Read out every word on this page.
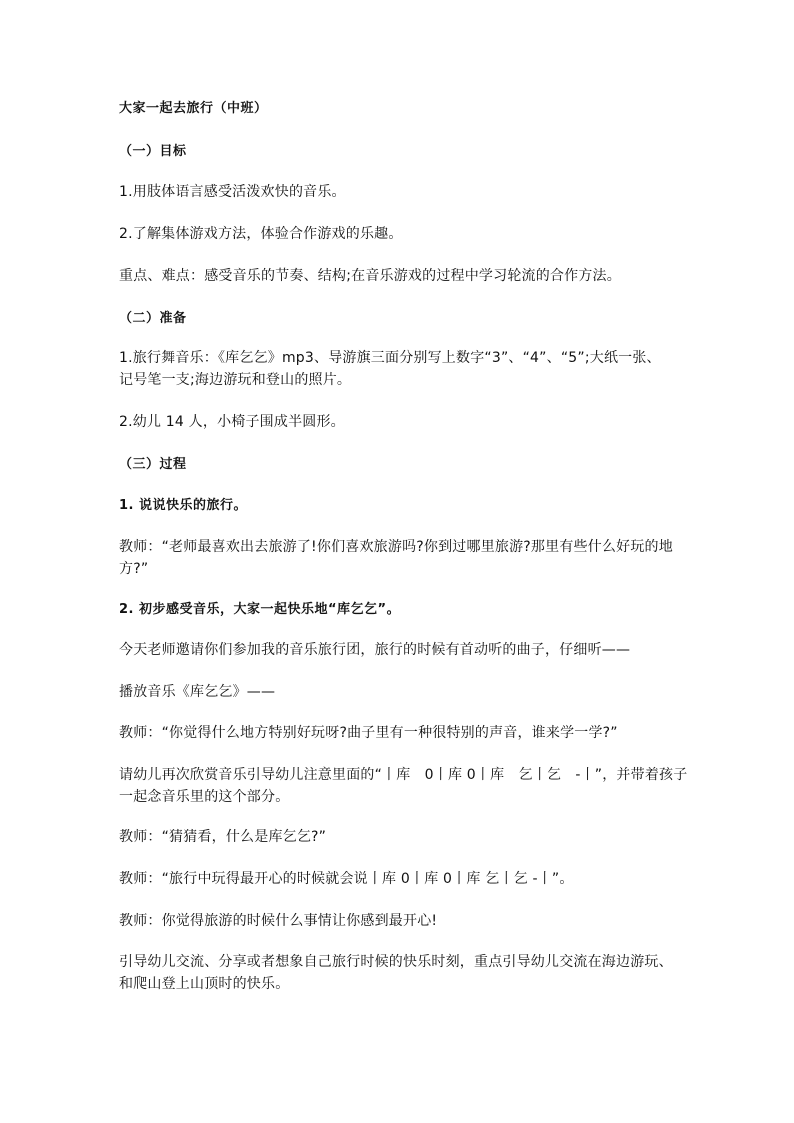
大家一起去旅行（中班）

（一）目标

1.用肢体语言感受活泼欢快的音乐。

2.了解集体游戏方法，体验合作游戏的乐趣。

重点、难点：感受音乐的节奏、结构;在音乐游戏的过程中学习轮流的合作方法。

（二）准备

1.旅行舞音乐：《库乞乞》mp3、导游旗三面分别写上数字“3”、“4”、“5”;大纸一张、

记号笔一支;海边游玩和登山的照片。

2.幼儿 14 人，小椅子围成半圆形。

（三）过程

1. 说说快乐的旅行。

教师：“老师最喜欢出去旅游了!你们喜欢旅游吗?你到过哪里旅游?那里有些什么好玩的地

方?”

2. 初步感受音乐，大家一起快乐地“库乞乞”。

今天老师邀请你们参加我的音乐旅行团，旅行的时候有首动听的曲子，仔细听——

播放音乐《库乞乞》——

教师：“你觉得什么地方特别好玩呀?曲子里有一种很特别的声音，谁来学一学?”

请幼儿再次欣赏音乐引导幼儿注意里面的“丨库　0丨库 0丨库　乞丨乞　-丨”，并带着孩子

一起念音乐里的这个部分。

教师：“猜猜看，什么是库乞乞?”

教师：“旅行中玩得最开心的时候就会说丨库 0丨库 0丨库 乞丨乞 -丨”。

教师：你觉得旅游的时候什么事情让你感到最开心!

引导幼儿交流、分享或者想象自己旅行时候的快乐时刻，重点引导幼儿交流在海边游玩、

和爬山登上山顶时的快乐。
